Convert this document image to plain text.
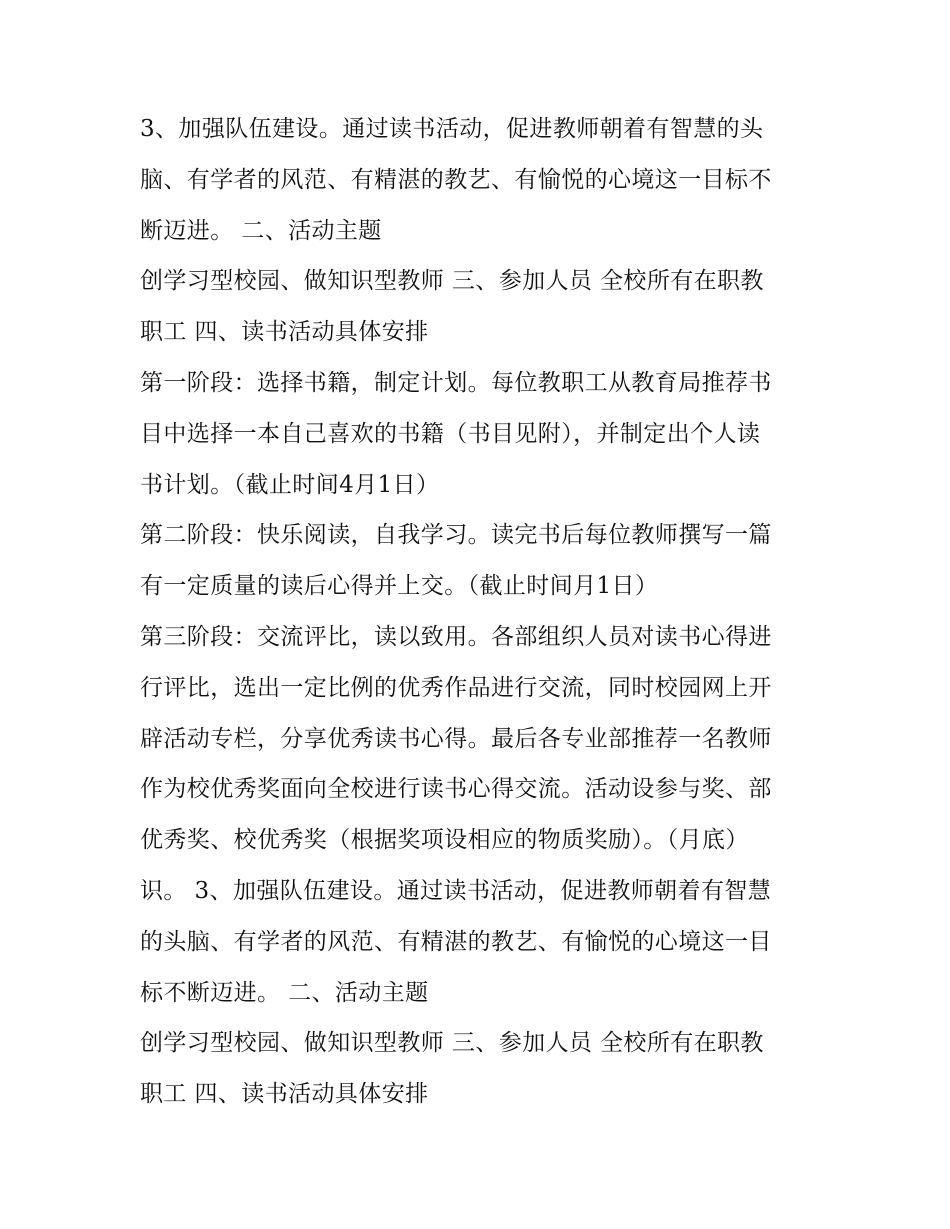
3、加强队伍建设。通过读书活动，促进教师朝着有智慧的头
脑、有学者的风范、有精湛的教艺、有愉悦的心境这一目标不
断迈进。 二、活动主题
创学习型校园、做知识型教师 三、参加人员 全校所有在职教
职工 四、读书活动具体安排
第一阶段：选择书籍，制定计划。每位教职工从教育局推荐书
目中选择一本自己喜欢的书籍（书目见附），并制定出个人读
书计划。（截止时间4月1日）
第二阶段：快乐阅读，自我学习。读完书后每位教师撰写一篇
有一定质量的读后心得并上交。（截止时间月1日）
第三阶段：交流评比，读以致用。各部组织人员对读书心得进
行评比，选出一定比例的优秀作品进行交流，同时校园网上开
辟活动专栏，分享优秀读书心得。最后各专业部推荐一名教师
作为校优秀奖面向全校进行读书心得交流。活动设参与奖、部
优秀奖、校优秀奖（根据奖项设相应的物质奖励）。（月底）
识。 3、加强队伍建设。通过读书活动，促进教师朝着有智慧
的头脑、有学者的风范、有精湛的教艺、有愉悦的心境这一目
标不断迈进。 二、活动主题
创学习型校园、做知识型教师 三、参加人员 全校所有在职教
职工 四、读书活动具体安排
